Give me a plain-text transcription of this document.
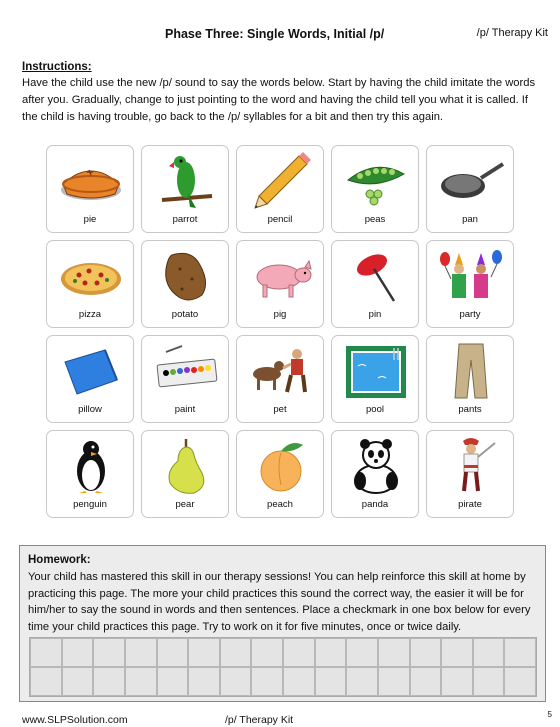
Phase Three: Single Words, Initial /p/	/p/ Therapy Kit
Instructions:
Have the child use the new /p/ sound to say the words below. Start by having the child imitate the words after you. Gradually, change to just pointing to the word and having the child tell you what it is called. If the child is having trouble, go back to the /p/ syllables for a bit and then try this again.
pie	parrot	pencil	peas	pan
pizza	potato	pig	pin	party
pillow	paint	pet	pool	pants
penguin	pear	peach	panda	pirate
Homework:
Your child has mastered this skill in our therapy sessions! You can help reinforce this skill at home by practicing this page. The more your child practices this sound the correct way, the easier it will be for him/her to say the sound in words and then sentences. Place a checkmark in one box below for every time your child practices this page. Try to work on it for five minutes, once or twice daily.
www.SLPSolution.com	/p/ Therapy Kit	5
